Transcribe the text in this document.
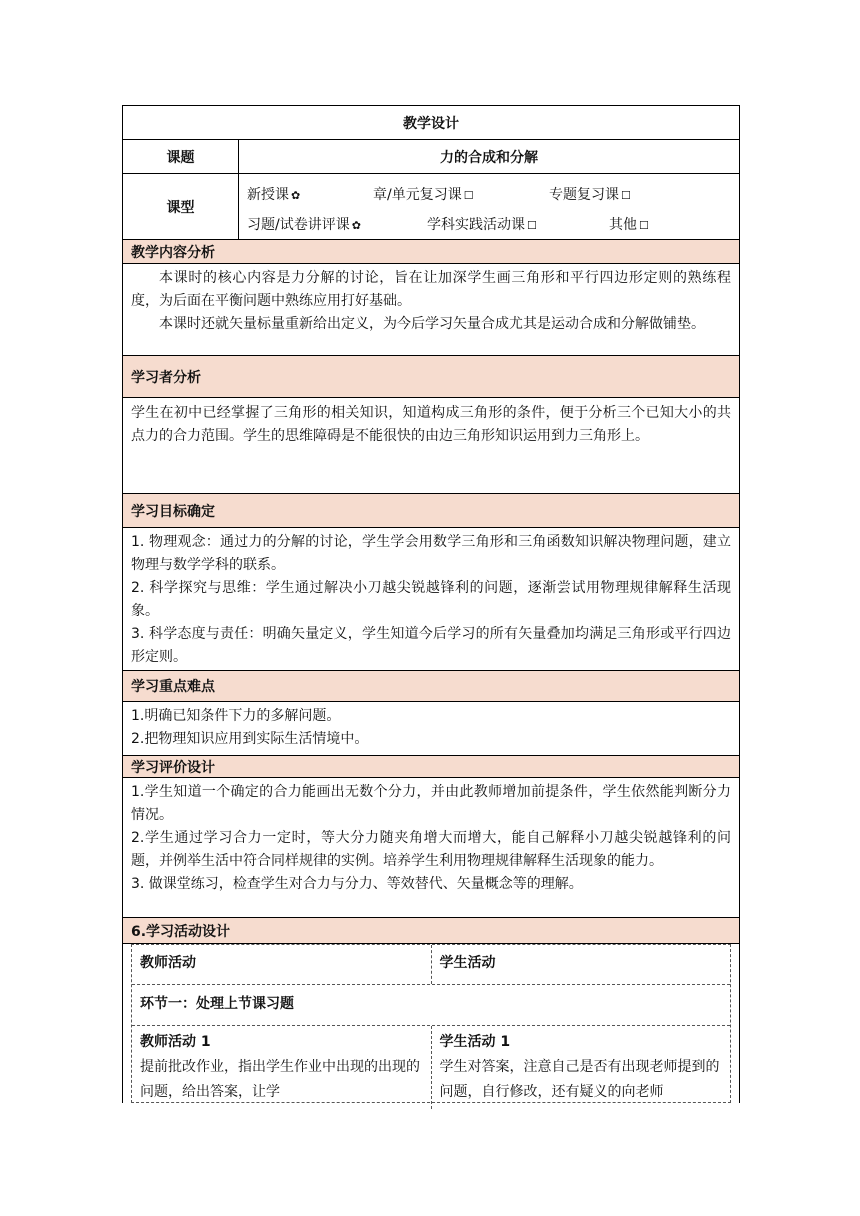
教学设计
课题	力的合成和分解
课型
新授课 ✿	章/单元复习课 ☐	专题复习课 ☐
习题/试卷讲评课 ✿	学科实践活动课 ☐	其他 ☐
教学内容分析

本课时的核心内容是力分解的讨论，旨在让加深学生画三角形和平行四边形定则的熟练程度，为后面在平衡问题中熟练应用打好基础。

本课时还就矢量标量重新给出定义，为今后学习矢量合成尤其是运动合成和分解做铺垫。

学习者分析

学生在初中已经掌握了三角形的相关知识，知道构成三角形的条件，便于分析三个已知大小的共点力的合力范围。学生的思维障碍是不能很快的由边三角形知识运用到力三角形上。

学习目标确定

1. 物理观念：通过力的分解的讨论，学生学会用数学三角形和三角函数知识解决物理问题，建立物理与数学学科的联系。

2. 科学探究与思维：学生通过解决小刀越尖锐越锋利的问题，逐渐尝试用物理规律解释生活现象。

3. 科学态度与责任：明确矢量定义，学生知道今后学习的所有矢量叠加均满足三角形或平行四边形定则。

学习重点难点

1.明确已知条件下力的多解问题。

2.把物理知识应用到实际生活情境中。

学习评价设计

1.学生知道一个确定的合力能画出无数个分力，并由此教师增加前提条件，学生依然能判断分力情况。

2.学生通过学习合力一定时，等大分力随夹角增大而增大，能自己解释小刀越尖锐越锋利的问题，并例举生活中符合同样规律的实例。培养学生利用物理规律解释生活现象的能力。

3. 做课堂练习，检查学生对合力与分力、等效替代、矢量概念等的理解。

6.学习活动设计
教师活动	学生活动
环节一：处理上节课习题
教师活动 1
提前批改作业，指出学生作业中出现的出现的问题，给出答案，让学
学生活动 1
学生对答案，注意自己是否有出现老师提到的问题，自行修改，还有疑义的向老师
